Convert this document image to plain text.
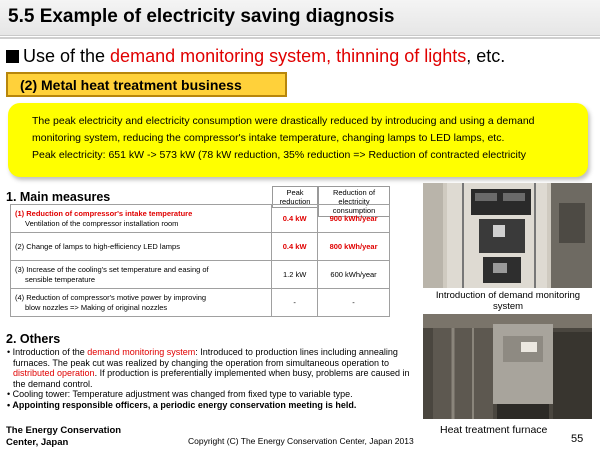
5.5 Example of electricity saving diagnosis
Use of the demand monitoring system, thinning of lights, etc.
(2) Metal heat treatment business
The peak electricity and electricity consumption were drastically reduced by introducing and using a demand
monitoring system, reducing the compressor's intake temperature, changing lamps to LED lamps, etc.
Peak electricity: 651 kW -> 573 kW (78 kW reduction, 35% reduction => Reduction of contracted electricity
1. Main measures	Peak reduction
Reduction of electricity consumption
(1) Reduction of compressor's intake temperature
Ventilation of the compressor installation room	0.4 kW	900 kWh/year
(2) Change of lamps to high-efficiency LED lamps	0.4 kW	800 kWh/year
(3) Increase of the cooling's set temperature and easing of
sensible temperature	1.2 kW	600 kWh/year
(4) Reduction of compressor's motive power by improving
blow nozzles => Making of original nozzles	-	-
2. Others
• Introduction of the demand monitoring system: Introduced to production lines including annealing furnaces. The peak cut was realized by changing the operation from simultaneous operation to distributed operation. If production is preferentially implemented when busy, problems are caused in the demand control.
• Cooling tower: Temperature adjustment was changed from fixed type to variable type.
• Appointing responsible officers, a periodic energy conservation meeting is held.
Introduction of demand monitoring system
Heat treatment furnace
The Energy Conservation
Center, Japan	Copyright (C) The Energy Conservation Center, Japan 2013	55
